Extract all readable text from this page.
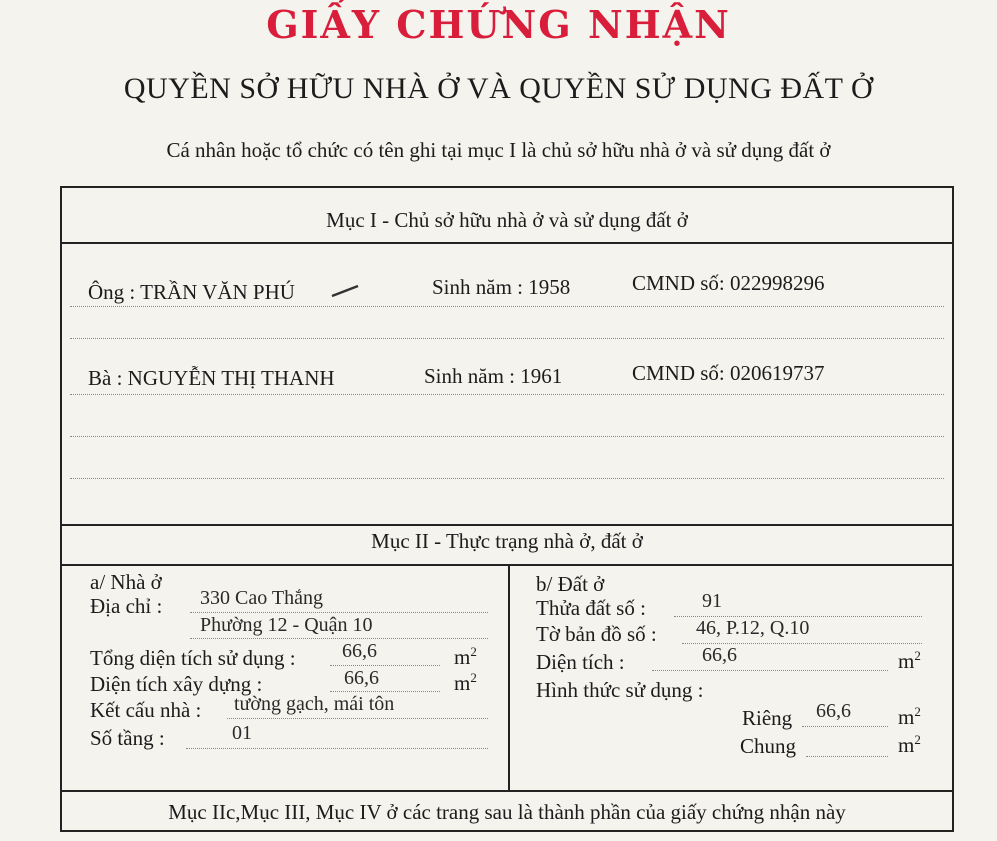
GIẤY CHỨNG NHẬN
QUYỀN SỞ HỮU NHÀ Ở VÀ QUYỀN SỬ DỤNG ĐẤT Ở
Cá nhân hoặc tổ chức có tên ghi tại mục I là chủ sở hữu nhà ở và sử dụng đất ở
Mục I - Chủ sở hữu nhà ở và sử dụng đất ở
Ông : TRẦN VĂN PHÚ	Sinh năm : 1958	CMND số: 022998296
Bà : NGUYỄN THỊ THANH	Sinh năm : 1961	CMND số: 020619737
Mục II - Thực trạng nhà ở, đất ở
a/ Nhà ở
Địa chỉ : 330 Cao Thắng
Phường 12 - Quận 10
Tổng diện tích sử dụng : 66,6	$m^2$
Diện tích xây dựng :	66,6	$m^2$
Kết cấu nhà : tường gạch, mái tôn
Số tầng :	01
b/ Đất ở
Thửa đất số :	91
Tờ bản đồ số : 46, P.12, Q.10
Diện tích :	66,6	$m^2$
Hình thức sử dụng :
Riêng 66,6 $m^2$
Chung	$m^2$
Mục IIc,Mục III, Mục IV ở các trang sau là thành phần của giấy chứng nhận này
